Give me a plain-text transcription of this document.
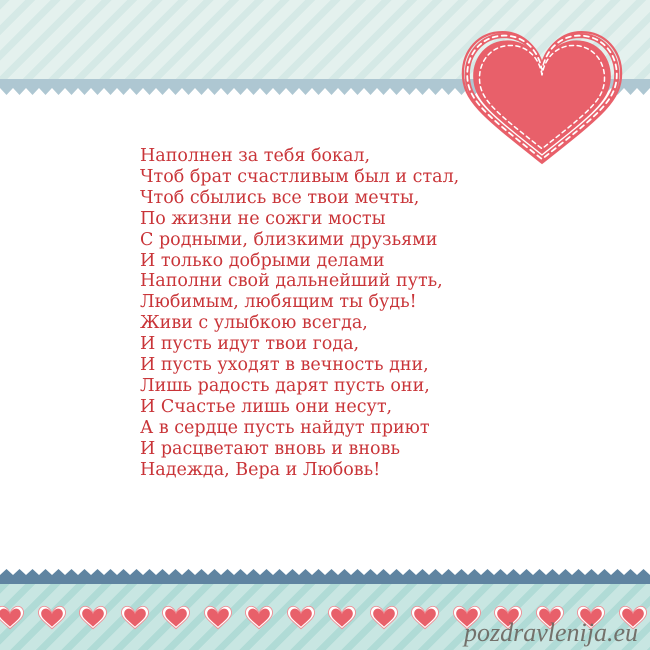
Наполнен за тебя бокал,
Чтоб брат счастливым был и стал,
Чтоб сбылись все твои мечты,
По жизни не сожги мосты
С родными, близкими друзьями
И только добрыми делами
Наполни свой дальнейший путь,
Любимым, любящим ты будь!
Живи с улыбкою всегда,
И пусть идут твои года,
И пусть уходят в вечность дни,
Лишь радость дарят пусть они,
И Счастье лишь они несут,
А в сердце пусть найдут приют
И расцветают вновь и вновь
Надежда, Вера и Любовь!
pozdravlenija.eu
